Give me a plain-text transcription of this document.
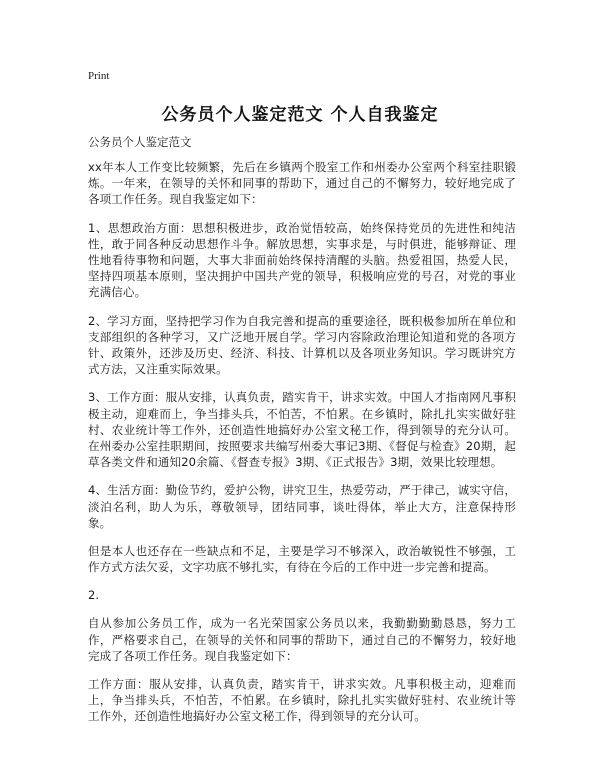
Print
公务员个人鉴定范文 个人自我鉴定
公务员个人鉴定范文

xx年本人工作变比较频繁，先后在乡镇两个股室工作和州委办公室两个科室挂职锻炼。一年来，在领导的关怀和同事的帮助下，通过自己的不懈努力，较好地完成了各项工作任务。现自我鉴定如下：

1、思想政治方面：思想积极进步，政治觉悟较高，始终保持党员的先进性和纯洁性，敢于同各种反动思想作斗争。解放思想，实事求是，与时俱进，能够辩证、理性地看待事物和问题，大事大非面前始终保持清醒的头脑。热爱祖国，热爱人民，坚持四项基本原则，坚决拥护中国共产党的领导，积极响应党的号召，对党的事业充满信心。

2、学习方面，坚持把学习作为自我完善和提高的重要途径，既积极参加所在单位和支部组织的各种学习，又广泛地开展自学。学习内容除政治理论知道和党的各项方针、政策外，还涉及历史、经济、科技、计算机以及各项业务知识。学习既讲究方式方法，又注重实际效果。

3、工作方面：服从安排，认真负责，踏实肯干，讲求实效。中国人才指南网凡事积极主动，迎难而上，争当排头兵，不怕苦，不怕累。在乡镇时，除扎扎实实做好驻村、农业统计等工作外，还创造性地搞好办公室文秘工作，得到领导的充分认可。在州委办公室挂职期间，按照要求共编写州委大事记3期、《督促与检查》20期，起草各类文件和通知20余篇、《督查专报》3期、《正式报告》3期，效果比较理想。

4、生活方面：勤俭节约，爱护公物，讲究卫生，热爱劳动，严于律己，诚实守信，淡泊名利，助人为乐，尊敬领导，团结同事，谈吐得体，举止大方，注意保持形象。

但是本人也还存在一些缺点和不足，主要是学习不够深入，政治敏锐性不够强，工作方式方法欠妥，文字功底不够扎实，有待在今后的工作中进一步完善和提高。

2.

自从参加公务员工作，成为一名光荣国家公务员以来，我勤勤勤勤恳恳，努力工作，严格要求自己，在领导的关怀和同事的帮助下，通过自己的不懈努力，较好地完成了各项工作任务。现自我鉴定如下：

工作方面：服从安排，认真负责，踏实肯干，讲求实效。凡事积极主动，迎难而上，争当排头兵，不怕苦，不怕累。在乡镇时，除扎扎实实做好驻村、农业统计等工作外，还创造性地搞好办公室文秘工作，得到领导的充分认可。
